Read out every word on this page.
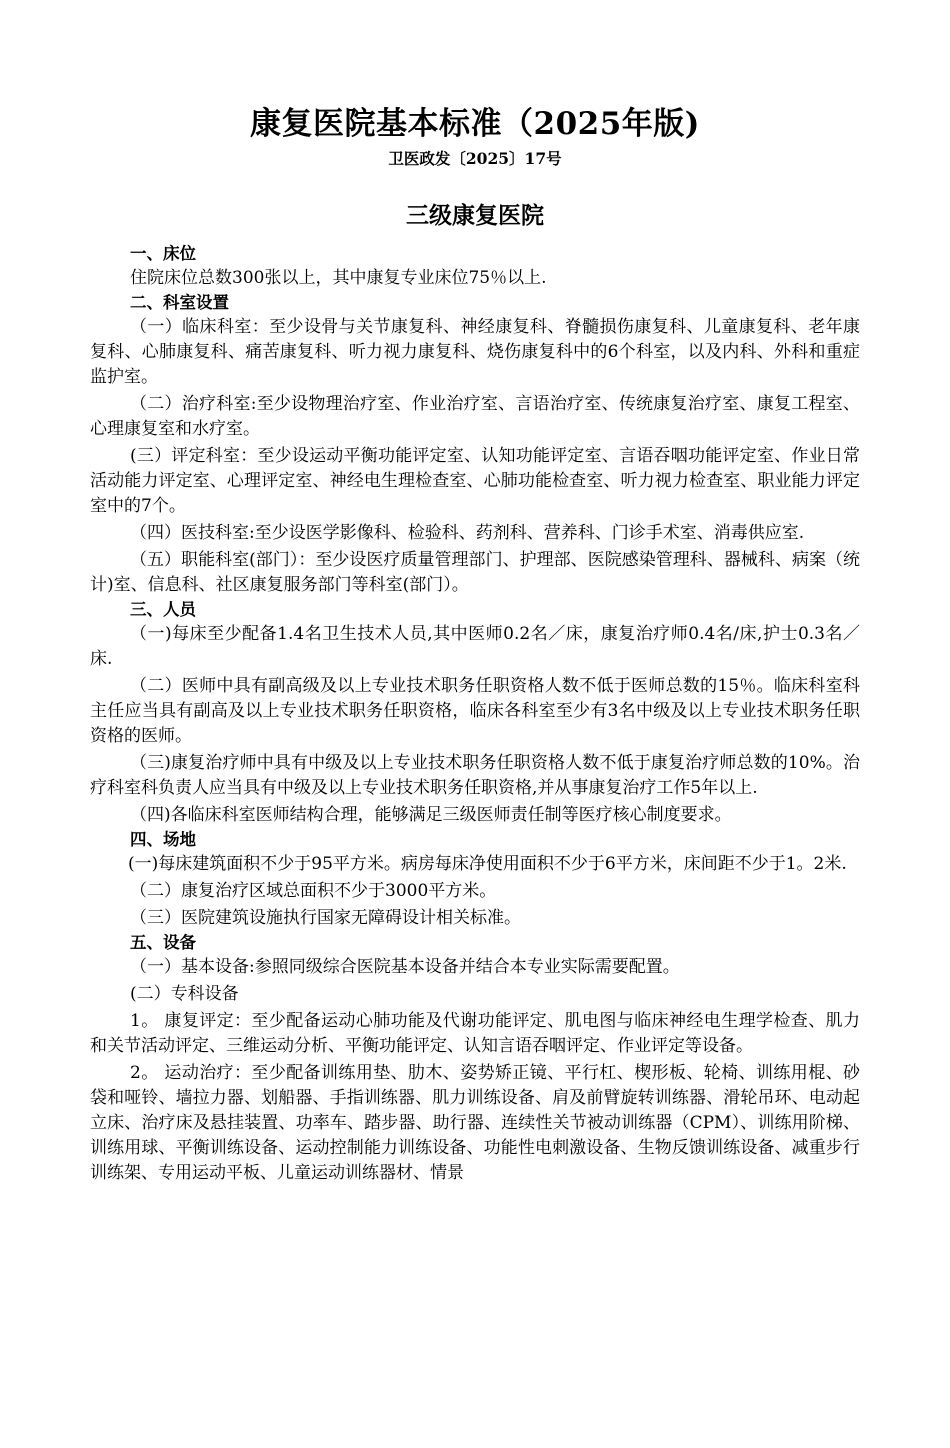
康复医院基本标准（2025年版)
卫医政发〔2025〕17号
三级康复医院
一、床位

住院床位总数300张以上，其中康复专业床位75％以上.

二、科室设置

（一）临床科室：至少设骨与关节康复科、神经康复科、脊髓损伤康复科、儿童康复科、老年康复科、心肺康复科、痛苦康复科、听力视力康复科、烧伤康复科中的6个科室，以及内科、外科和重症监护室。

（二）治疗科室:至少设物理治疗室、作业治疗室、言语治疗室、传统康复治疗室、康复工程室、心理康复室和水疗室。

(三）评定科室：至少设运动平衡功能评定室、认知功能评定室、言语吞咽功能评定室、作业日常活动能力评定室、心理评定室、神经电生理检查室、心肺功能检查室、听力视力检查室、职业能力评定室中的7个。

（四）医技科室:至少设医学影像科、检验科、药剂科、营养科、门诊手术室、消毒供应室.

（五）职能科室(部门）：至少设医疗质量管理部门、护理部、医院感染管理科、器械科、病案（统计)室、信息科、社区康复服务部门等科室(部门）。

三、人员

（一)每床至少配备1.4名卫生技术人员,其中医师0.2名／床，康复治疗师0.4名/床,护士0.3名／床.

（二）医师中具有副高级及以上专业技术职务任职资格人数不低于医师总数的15％。临床科室科主任应当具有副高及以上专业技术职务任职资格，临床各科室至少有3名中级及以上专业技术职务任职资格的医师。

（三)康复治疗师中具有中级及以上专业技术职务任职资格人数不低于康复治疗师总数的10%。治疗科室科负责人应当具有中级及以上专业技术职务任职资格,并从事康复治疗工作5年以上.

（四)各临床科室医师结构合理，能够满足三级医师责任制等医疗核心制度要求。

四、场地

(一)每床建筑面积不少于95平方米。病房每床净使用面积不少于6平方米，床间距不少于1。2米.

（二）康复治疗区域总面积不少于3000平方米。

（三）医院建筑设施执行国家无障碍设计相关标准。

五、设备

（一）基本设备:参照同级综合医院基本设备并结合本专业实际需要配置。

(二）专科设备

1。 康复评定：至少配备运动心肺功能及代谢功能评定、肌电图与临床神经电生理学检查、肌力和关节活动评定、三维运动分析、平衡功能评定、认知言语吞咽评定、作业评定等设备。

2。 运动治疗：至少配备训练用垫、肋木、姿势矫正镜、平行杠、楔形板、轮椅、训练用棍、砂袋和哑铃、墙拉力器、划船器、手指训练器、肌力训练设备、肩及前臂旋转训练器、滑轮吊环、电动起立床、治疗床及悬挂装置、功率车、踏步器、助行器、连续性关节被动训练器（CPM）、训练用阶梯、训练用球、平衡训练设备、运动控制能力训练设备、功能性电刺激设备、生物反馈训练设备、减重步行训练架、专用运动平板、儿童运动训练器材、情景
